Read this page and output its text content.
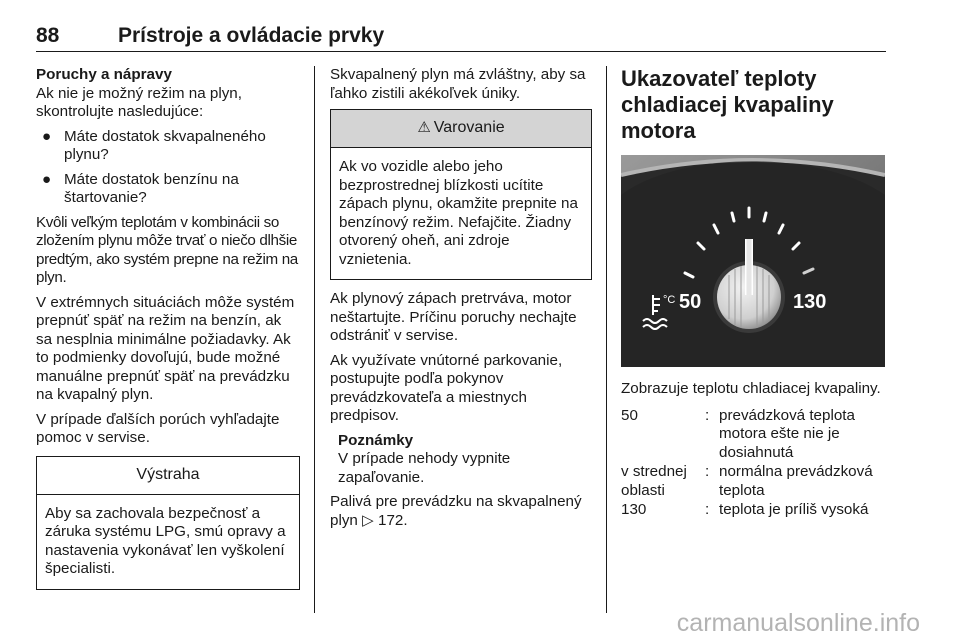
88	Prístroje a ovládacie prvky

Poruchy a nápravy

Ak nie je možný režim na plyn, skontrolujte nasledujúce:

● Máte dostatok skvapalneného plynu?
● Máte dostatok benzínu na štartovanie?

Kvôli veľkým teplotám v kombinácii so zložením plynu môže trvať o niečo dlhšie predtým, ako systém prepne na režim na plyn.

V extrémnych situáciách môže systém prepnúť späť na režim na benzín, ak sa nesplnia minimálne požiadavky. Ak to podmienky dovoľujú, bude možné manuálne prepnúť späť na prevádzku na kvapalný plyn.

V prípade ďalších porúch vyhľadajte pomoc v servise.

Výstraha
Aby sa zachovala bezpečnosť a záruka systému LPG, smú opravy a nastavenia vykonávať len vyškolení špecialisti.

Skvapalnený plyn má zvláštny, aby sa ľahko zistili akékoľvek úniky.

⚠ Varovanie
Ak vo vozidle alebo jeho bezprostrednej blízkosti ucítite zápach plynu, okamžite prepnite na benzínový režim. Nefajčite. Žiadny otvorený oheň, ani zdroje vznietenia.

Ak plynový zápach pretrváva, motor neštartujte. Príčinu poruchy nechajte odstrániť v servise.

Ak využívate vnútorné parkovanie, postupujte podľa pokynov prevádzkovateľa a miestnych predpisov.

Poznámky
V prípade nehody vypnite zapaľovanie.

Palivá pre prevádzku na skvapalnený plyn ▷ 172.

Ukazovateľ teploty
chladiacej kvapaliny motora
50	130
°C

Zobrazuje teplotu chladiacej kvapaliny.

50	:	prevádzková teplota motora ešte nie je dosiahnutá
v strednej oblasti	:	normálna prevádzková teplota
130	:	teplota je príliš vysoká
carmanualsonline.info
